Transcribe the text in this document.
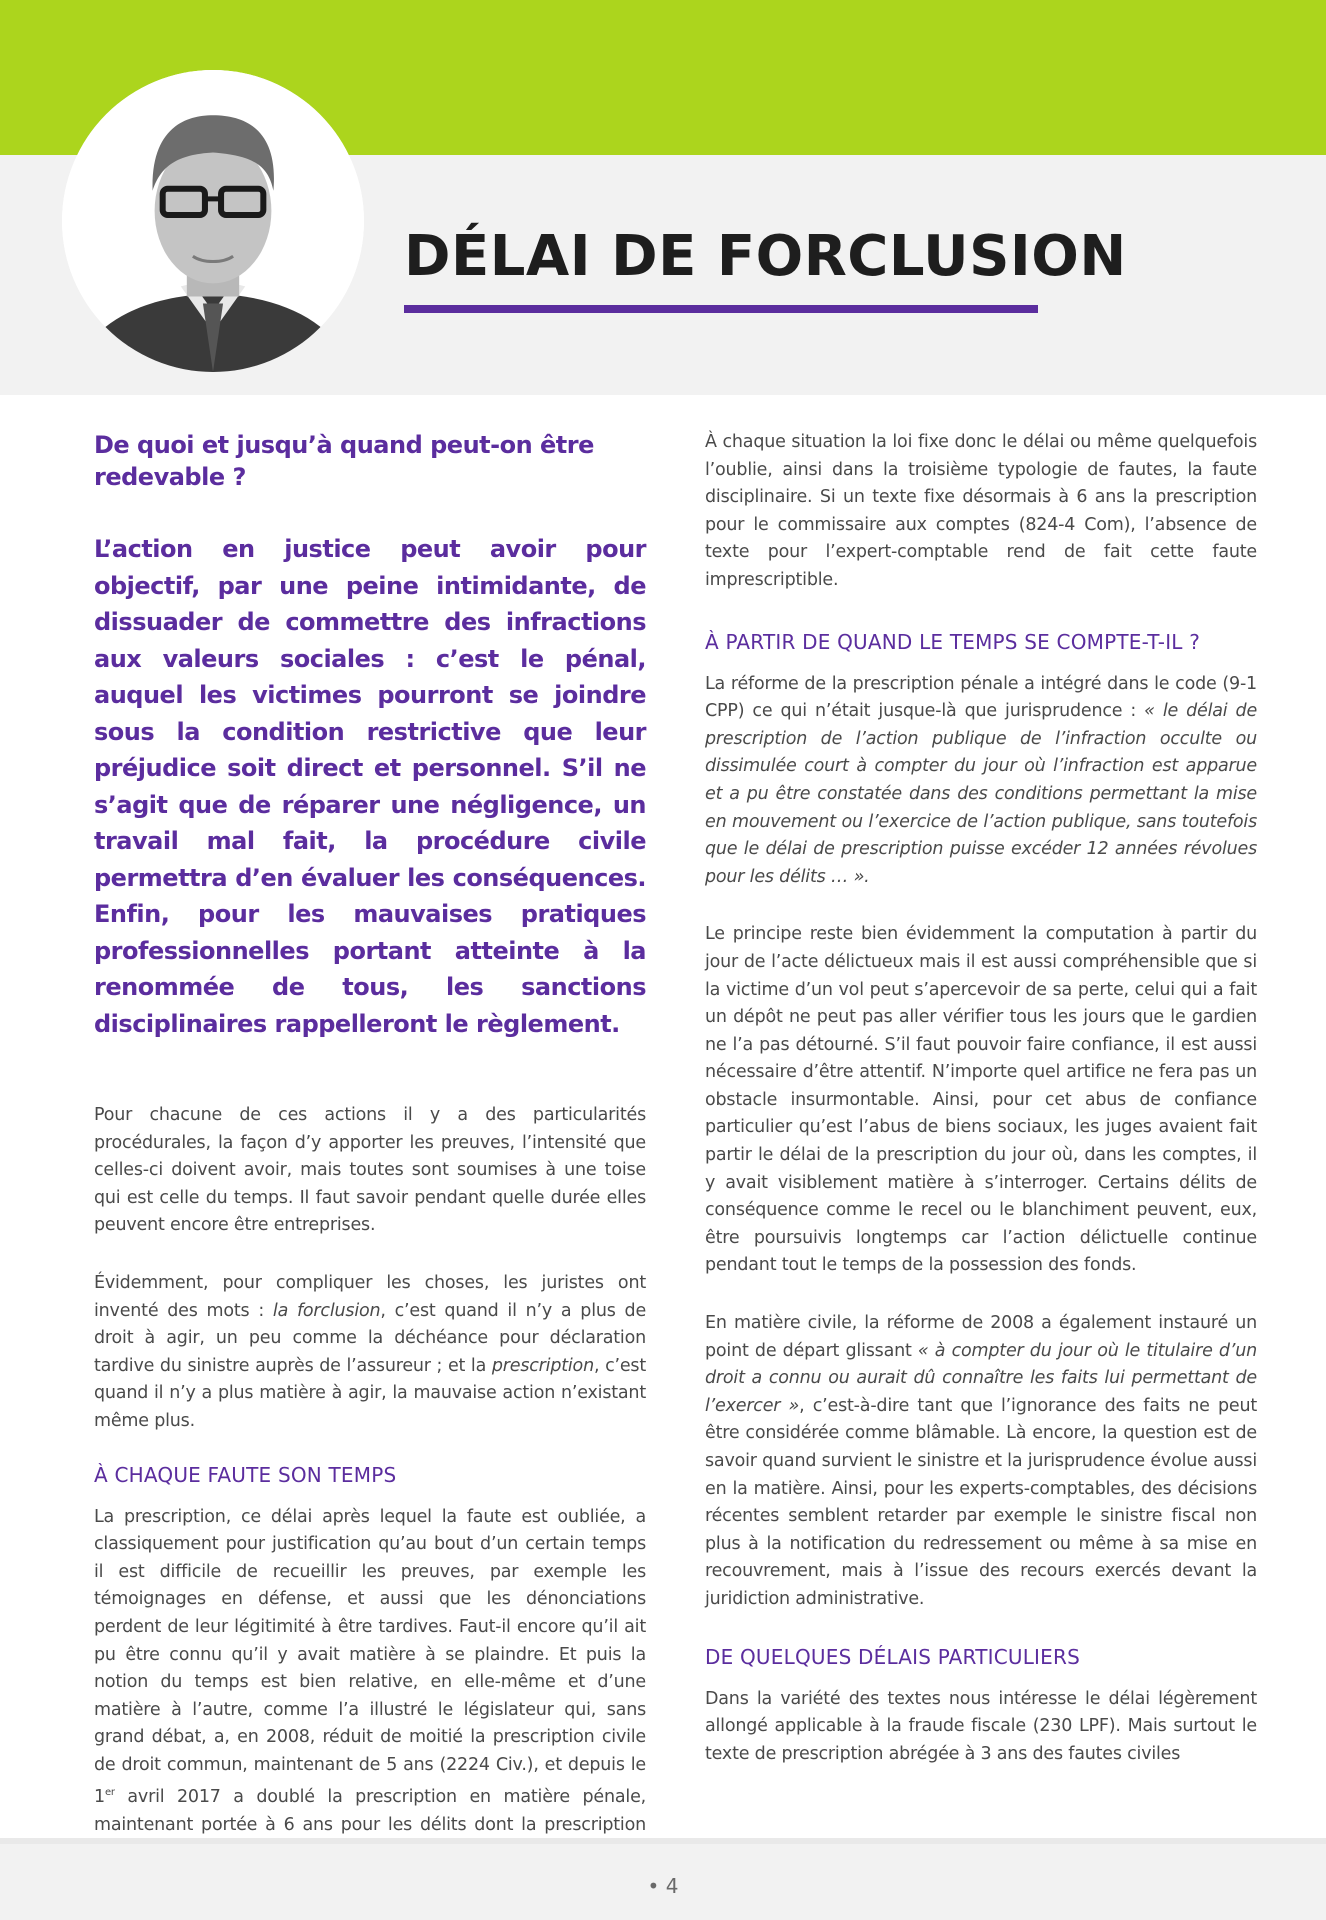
DÉLAI DE FORCLUSION
De quoi et jusqu’à quand peut-on être redevable ?
L’action en justice peut avoir pour objectif, par une peine intimidante, de dissuader de commettre des infractions aux valeurs sociales : c’est le pénal, auquel les victimes pourront se joindre sous la condition restrictive que leur préjudice soit direct et personnel. S’il ne s’agit que de réparer une négligence, un travail mal fait, la procédure civile permettra d’en évaluer les conséquences. Enfin, pour les mauvaises pratiques professionnelles portant atteinte à la renommée de tous, les sanctions disciplinaires rappelleront le règlement.

Pour chacune de ces actions il y a des particularités procédurales, la façon d’y apporter les preuves, l’intensité que celles-ci doivent avoir, mais toutes sont soumises à une toise qui est celle du temps. Il faut savoir pendant quelle durée elles peuvent encore être entreprises.

Évidemment, pour compliquer les choses, les juristes ont inventé des mots : la forclusion, c’est quand il n’y a plus de droit à agir, un peu comme la déchéance pour déclaration tardive du sinistre auprès de l’assureur ; et la prescription, c’est quand il n’y a plus matière à agir, la mauvaise action n’existant même plus.

À CHAQUE FAUTE SON TEMPS

La prescription, ce délai après lequel la faute est oubliée, a classiquement pour justification qu’au bout d’un certain temps il est difficile de recueillir les preuves, par exemple les témoignages en défense, et aussi que les dénonciations perdent de leur légitimité à être tardives. Faut-il encore qu’il ait pu être connu qu’il y avait matière à se plaindre. Et puis la notion du temps est bien relative, en elle-même et d’une matière à l’autre, comme l’a illustré le législateur qui, sans grand débat, a, en 2008, réduit de moitié la prescription civile de droit commun, maintenant de 5 ans (2224 Civ.), et depuis le 1er avril 2017 a doublé la prescription en matière pénale, maintenant portée à 6 ans pour les délits dont la prescription

À chaque situation la loi fixe donc le délai ou même quelquefois l’oublie, ainsi dans la troisième typologie de fautes, la faute disciplinaire. Si un texte fixe désormais à 6 ans la prescription pour le commissaire aux comptes (824-4 Com), l’absence de texte pour l’expert-comptable rend de fait cette faute imprescriptible.

À PARTIR DE QUAND LE TEMPS SE COMPTE-T-IL ?

La réforme de la prescription pénale a intégré dans le code (9-1 CPP) ce qui n’était jusque-là que jurisprudence : « le délai de prescription de l’action publique de l’infraction occulte ou dissimulée court à compter du jour où l’infraction est apparue et a pu être constatée dans des conditions permettant la mise en mouvement ou l’exercice de l’action publique, sans toutefois que le délai de prescription puisse excéder 12 années révolues pour les délits … ».

Le principe reste bien évidemment la computation à partir du jour de l’acte délictueux mais il est aussi compréhensible que si la victime d’un vol peut s’apercevoir de sa perte, celui qui a fait un dépôt ne peut pas aller vérifier tous les jours que le gardien ne l’a pas détourné. S’il faut pouvoir faire confiance, il est aussi nécessaire d’être attentif. N’importe quel artifice ne fera pas un obstacle insurmontable. Ainsi, pour cet abus de confiance particulier qu’est l’abus de biens sociaux, les juges avaient fait partir le délai de la prescription du jour où, dans les comptes, il y avait visiblement matière à s’interroger. Certains délits de conséquence comme le recel ou le blanchiment peuvent, eux, être poursuivis longtemps car l’action délictuelle continue pendant tout le temps de la possession des fonds.

En matière civile, la réforme de 2008 a également instauré un point de départ glissant « à compter du jour où le titulaire d’un droit a connu ou aurait dû connaître les faits lui permettant de l’exercer », c’est-à-dire tant que l’ignorance des faits ne peut être considérée comme blâmable. Là encore, la question est de savoir quand survient le sinistre et la jurisprudence évolue aussi en la matière. Ainsi, pour les experts-comptables, des décisions récentes semblent retarder par exemple le sinistre fiscal non plus à la notification du redressement ou même à sa mise en recouvrement, mais à l’issue des recours exercés devant la juridiction administrative.

DE QUELQUES DÉLAIS PARTICULIERS

Dans la variété des textes nous intéresse le délai légèrement allongé applicable à la fraude fiscale (230 LPF). Mais surtout le texte de prescription abrégée à 3 ans des fautes civiles

• 4
